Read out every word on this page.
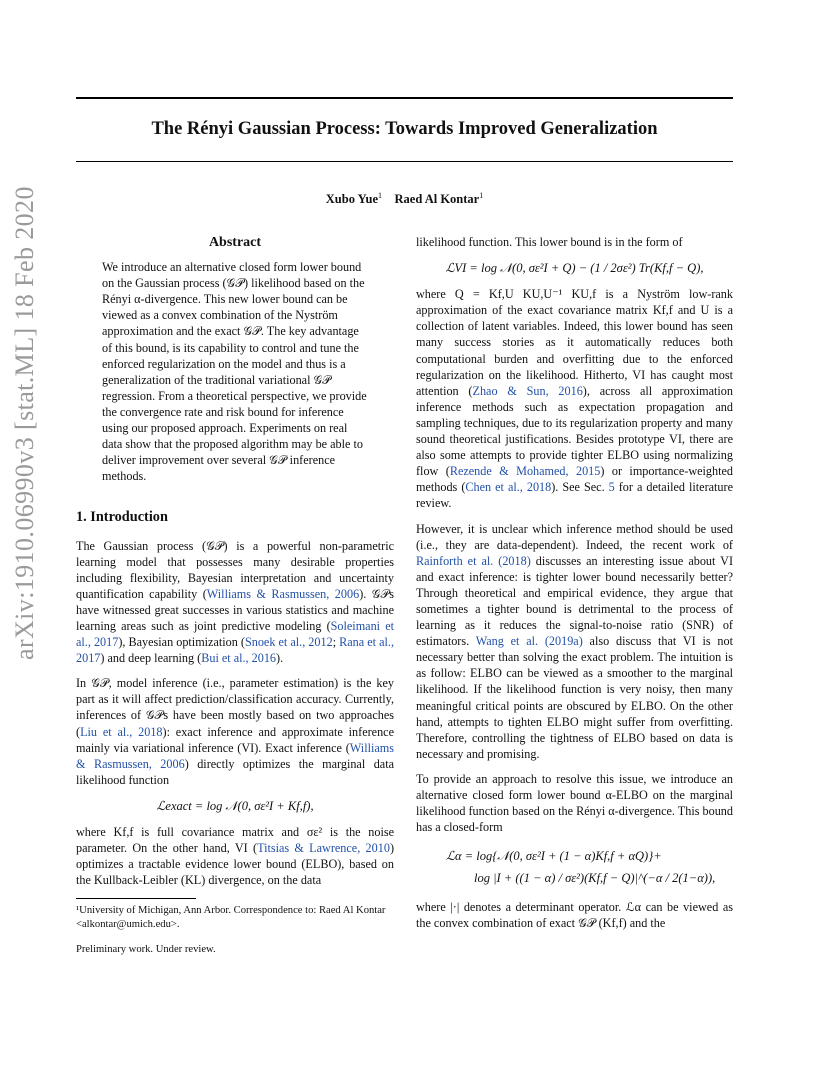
The Rényi Gaussian Process: Towards Improved Generalization
Xubo Yue$^1$ Raed Al Kontar$^1$
arXiv:1910.06990v3 [stat.ML] 18 Feb 2020	Abstract
We introduce an alternative closed form lower bound on the Gaussian process (𝒢𝒫) likelihood based on the Rényi α-divergence. This new lower bound can be viewed as a convex combination of the Nyström approximation and the exact 𝒢𝒫. The key advantage of this bound, is its capability to control and tune the enforced regularization on the model and thus is a generalization of the traditional variational 𝒢𝒫 regression. From a theoretical perspective, we provide the convergence rate and risk bound for inference using our proposed approach. Experiments on real data show that the proposed algorithm may be able to deliver improvement over several 𝒢𝒫 inference methods.
1. Introduction

The Gaussian process (𝒢𝒫) is a powerful non-parametric learning model that possesses many desirable properties including flexibility, Bayesian interpretation and uncertainty quantification capability (Williams & Rasmussen, 2006). 𝒢𝒫s have witnessed great successes in various statistics and machine learning areas such as joint predictive modeling (Soleimani et al., 2017), Bayesian optimization (Snoek et al., 2012; Rana et al., 2017) and deep learning (Bui et al., 2016).

In 𝒢𝒫, model inference (i.e., parameter estimation) is the key part as it will affect prediction/classification accuracy. Currently, inferences of 𝒢𝒫s have been mostly based on two approaches (Liu et al., 2018): exact inference and approximate inference mainly via variational inference (VI). Exact inference (Williams & Rasmussen, 2006) directly optimizes the marginal data likelihood function

ℒexact = log 𝒩(0, σε²I + Kf,f),

where Kf,f is full covariance matrix and σε² is the noise parameter. On the other hand, VI (Titsias & Lawrence, 2010) optimizes a tractable evidence lower bound (ELBO), based on the Kullback-Leibler (KL) divergence, on the data

¹University of Michigan, Ann Arbor. Correspondence to: Raed Al Kontar <alkontar@umich.edu>.

Preliminary work. Under review.

likelihood function. This lower bound is in the form of

ℒVI = log 𝒩(0, σε²I + Q) − (1 / 2σε²) Tr(Kf,f − Q),

where Q = Kf,U KU,U⁻¹ KU,f is a Nyström low-rank approximation of the exact covariance matrix Kf,f and U is a collection of latent variables. Indeed, this lower bound has seen many success stories as it automatically reduces both computational burden and overfitting due to the enforced regularization on the likelihood. Hitherto, VI has caught most attention (Zhao & Sun, 2016), across all approximation inference methods such as expectation propagation and sampling techniques, due to its regularization property and many sound theoretical justifications. Besides prototype VI, there are also some attempts to provide tighter ELBO using normalizing flow (Rezende & Mohamed, 2015) or importance-weighted methods (Chen et al., 2018). See Sec. 5 for a detailed literature review.

However, it is unclear which inference method should be used (i.e., they are data-dependent). Indeed, the recent work of Rainforth et al. (2018) discusses an interesting issue about VI and exact inference: is tighter lower bound necessarily better? Through theoretical and empirical evidence, they argue that sometimes a tighter bound is detrimental to the process of learning as it reduces the signal-to-noise ratio (SNR) of estimators. Wang et al. (2019a) also discuss that VI is not necessary better than solving the exact problem. The intuition is as follow: ELBO can be viewed as a smoother to the marginal likelihood. If the likelihood function is very noisy, then many meaningful critical points are obscured by ELBO. On the other hand, attempts to tighten ELBO might suffer from overfitting. Therefore, controlling the tightness of ELBO based on data is necessary and promising.

To provide an approach to resolve this issue, we introduce an alternative closed form lower bound α-ELBO on the marginal likelihood function based on the Rényi α-divergence. This bound has a closed-form

ℒα = log{𝒩(0, σε²I + (1 − α)Kf,f + αQ)}+
log |I + ((1 − α) / σε²)(Kf,f − Q)|^(−α / 2(1−α)),

where |·| denotes a determinant operator. ℒα can be viewed as the convex combination of exact 𝒢𝒫 (Kf,f) and the
